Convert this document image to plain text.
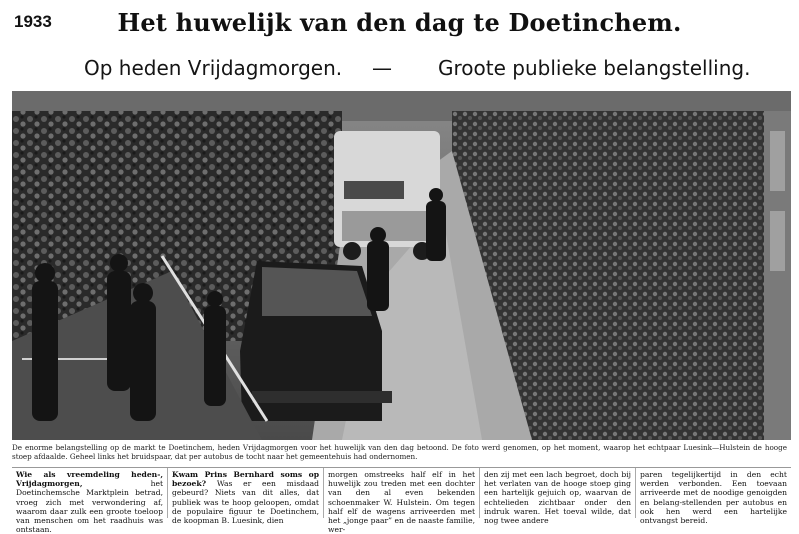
1933	Het huwelijk van den dag te Doetinchem.
Op heden Vrijdagmorgen. — Groote publieke belangstelling.
De enorme belangstelling op de markt te Doetinchem, heden Vrijdagmorgen voor het huwelijk van den dag betoond. De foto werd genomen, op het moment, waarop het echtpaar Luesink—Hulstein de hooge stoep afdaalde. Geheel links het bruidspaar, dat per autobus de tocht naar het gemeentehuis had ondernomen.
Wie als vreemdeling heden-, Vrijdagmorgen,	het Doetinchemsche Marktplein betrad, vroeg zich met verwondering af, waarom daar zulk een groote toeloop van menschen om het raadhuis was ontstaan.
Kwam Prins Bernhard soms op bezoek? Was er een misdaad gebeurd? Niets van dit alles, dat publiek was te hoop geloopen, omdat de populaire figuur te Doetinchem, de koopman B. Luesink, dien
morgen omstreeks half elf in het huwelijk zou treden met een dochter van den al even bekenden schoenmaker W. Hulstein. Om tegen half elf de wagens arriveerden met het „jonge paar” en de naaste familie, wer-
den zij met een lach begroet, doch bij het verlaten van de hooge stoep ging een hartelijk gejuich op, waarvan de echtelieden zichtbaar onder den indruk waren. Het toeval wilde, dat nog twee andere
paren tegelijkertijd in den echt werden verbonden. Een toevaan arriveerde met de noodige genoigden en belang-stellenden per autobus en ook hen werd een hartelijke ontvangst bereid.
